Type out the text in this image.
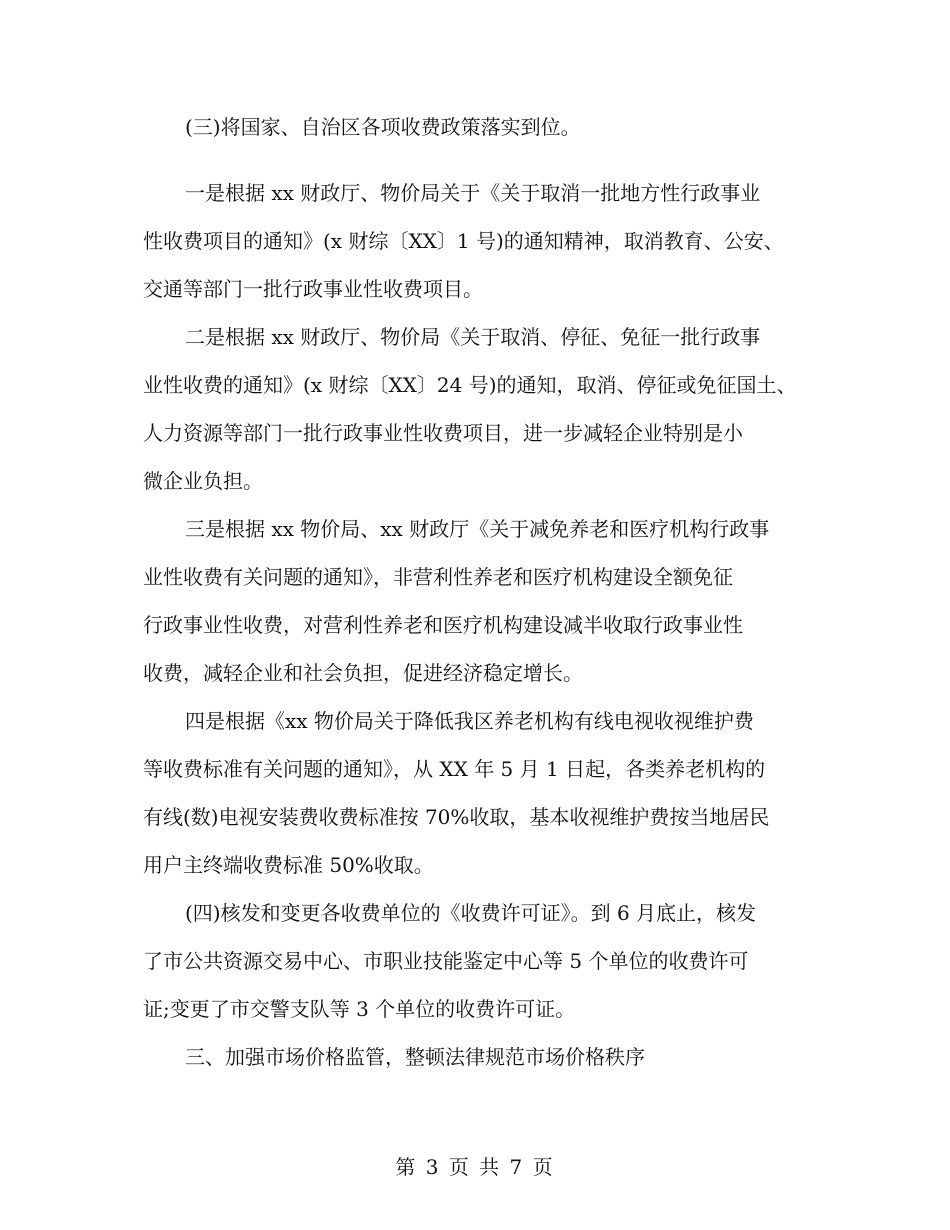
(三)将国家、自治区各项收费政策落实到位。
一是根据 xx 财政厅、物价局关于《关于取消一批地方性行政事业
性收费项目的通知》(x 财综〔XX〕1 号)的通知精神，取消教育、公安、
交通等部门一批行政事业性收费项目。
二是根据 xx 财政厅、物价局《关于取消、停征、免征一批行政事
业性收费的通知》(x 财综〔XX〕24 号)的通知，取消、停征或免征国土、
人力资源等部门一批行政事业性收费项目，进一步减轻企业特别是小
微企业负担。
三是根据 xx 物价局、xx 财政厅《关于减免养老和医疗机构行政事
业性收费有关问题的通知》，非营利性养老和医疗机构建设全额免征
行政事业性收费，对营利性养老和医疗机构建设减半收取行政事业性
收费，减轻企业和社会负担，促进经济稳定增长。
四是根据《xx 物价局关于降低我区养老机构有线电视收视维护费
等收费标准有关问题的通知》，从 XX 年 5 月 1 日起，各类养老机构的
有线(数)电视安装费收费标准按 70%收取，基本收视维护费按当地居民
用户主终端收费标准 50%收取。
(四)核发和变更各收费单位的《收费许可证》。到 6 月底止，核发
了市公共资源交易中心、市职业技能鉴定中心等 5 个单位的收费许可
证;变更了市交警支队等 3 个单位的收费许可证。
三、加强市场价格监管，整顿法律规范市场价格秩序
第 3 页 共 7 页
